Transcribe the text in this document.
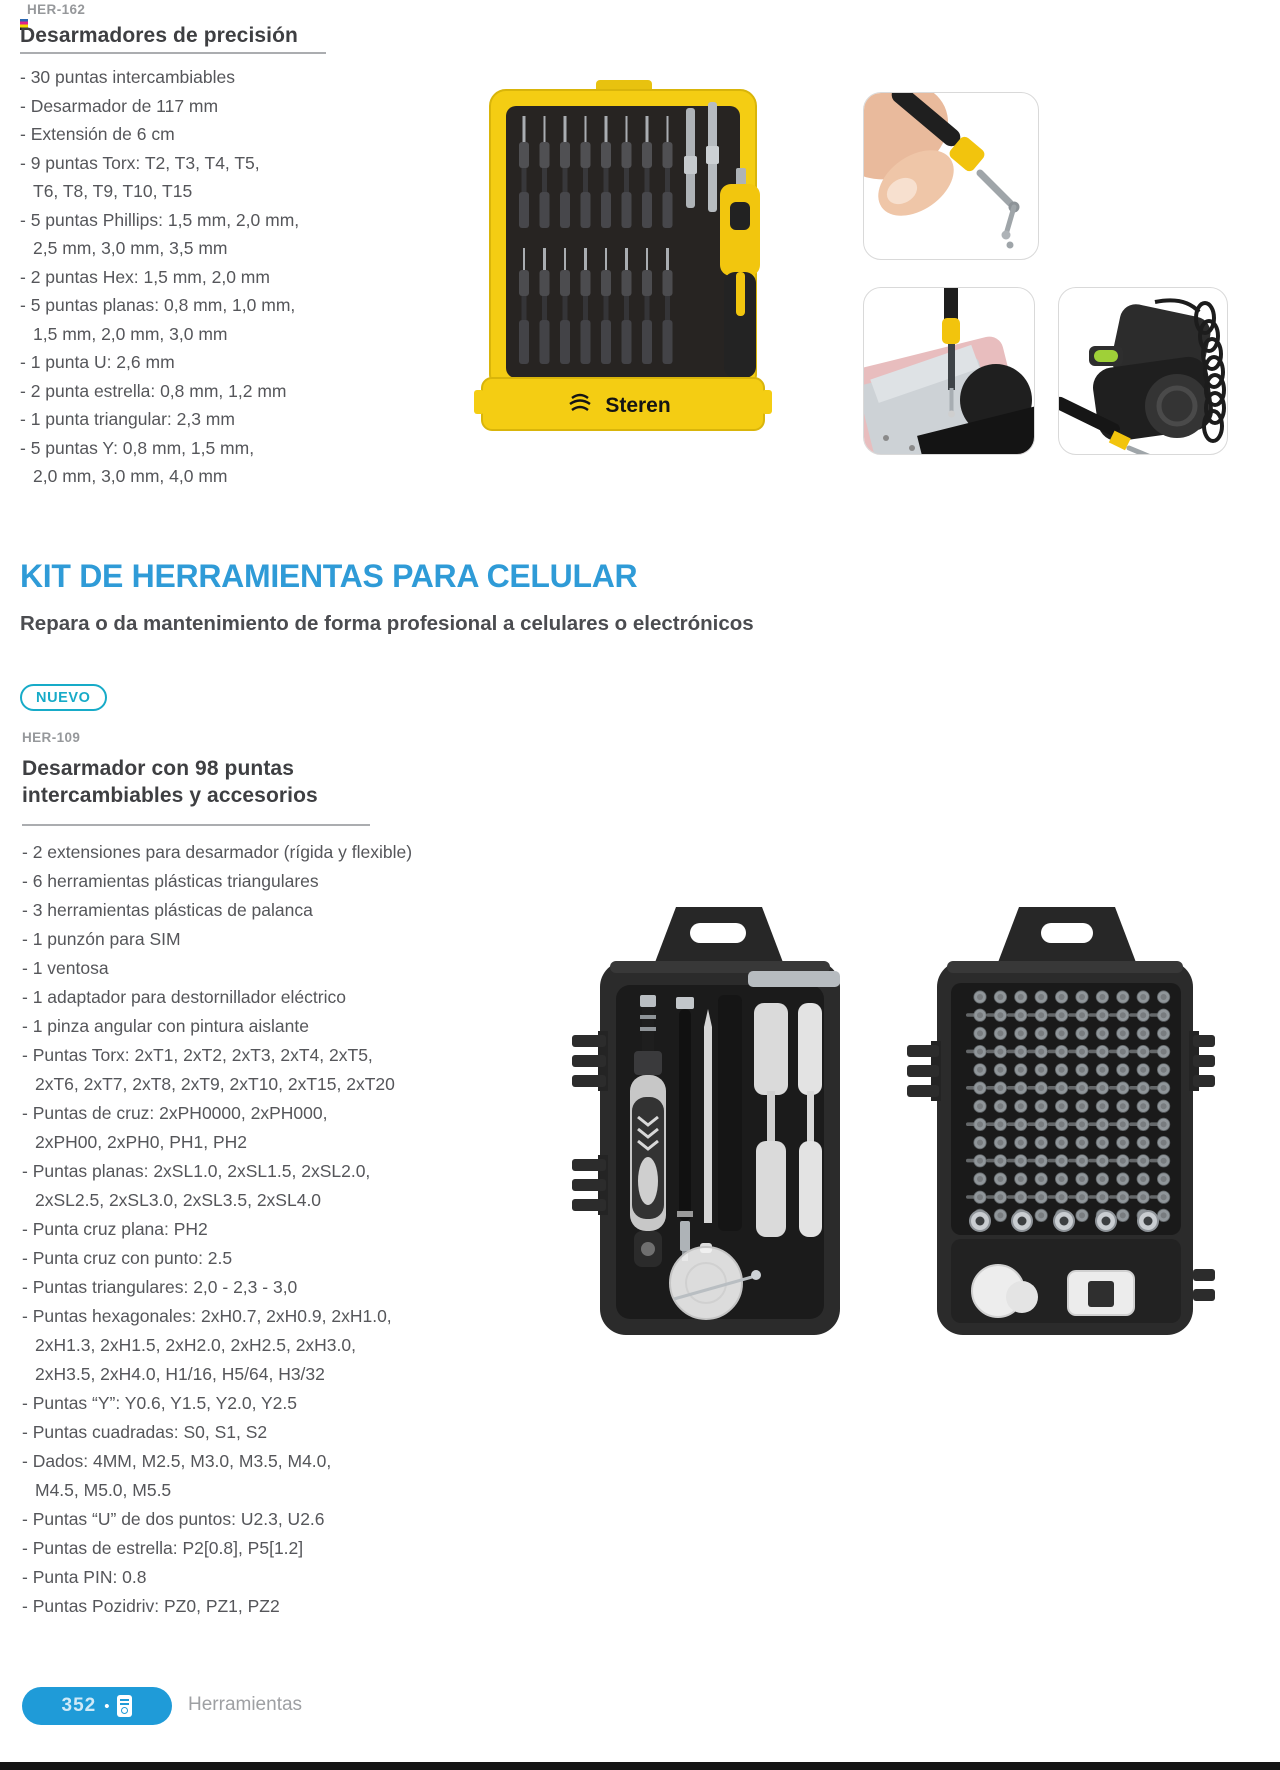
HER-162
Desarmadores de precisión
- 30 puntas intercambiables
- Desarmador de 117 mm
- Extensión de 6 cm
- 9 puntas Torx: T2, T3, T4, T5,
T6, T8, T9, T10, T15
- 5 puntas Phillips: 1,5 mm, 2,0 mm,
2,5 mm, 3,0 mm, 3,5 mm
- 2 puntas Hex: 1,5 mm, 2,0 mm
- 5 puntas planas: 0,8 mm, 1,0 mm,
1,5 mm, 2,0 mm, 3,0 mm
- 1 punta U: 2,6 mm
- 2 punta estrella: 0,8 mm, 1,2 mm
- 1 punta triangular: 2,3 mm
- 5 puntas Y: 0,8 mm, 1,5 mm,
2,0 mm, 3,0 mm, 4,0 mm
Steren
KIT DE HERRAMIENTAS PARA CELULAR
Repara o da mantenimiento de forma profesional a celulares o electrónicos
NUEVO
HER-109
Desarmador con 98 puntas
intercambiables y accesorios
- 2 extensiones para desarmador (rígida y flexible)
- 6 herramientas plásticas triangulares
- 3 herramientas plásticas de palanca
- 1 punzón para SIM
- 1 ventosa
- 1 adaptador para destornillador eléctrico
- 1 pinza angular con pintura aislante
- Puntas Torx: 2xT1, 2xT2, 2xT3, 2xT4, 2xT5,
2xT6, 2xT7, 2xT8, 2xT9, 2xT10, 2xT15, 2xT20
- Puntas de cruz: 2xPH0000, 2xPH000,
2xPH00, 2xPH0, PH1, PH2
- Puntas planas: 2xSL1.0, 2xSL1.5, 2xSL2.0,
2xSL2.5, 2xSL3.0, 2xSL3.5, 2xSL4.0
- Punta cruz plana: PH2
- Punta cruz con punto: 2.5
- Puntas triangulares: 2,0 - 2,3 - 3,0
- Puntas hexagonales: 2xH0.7, 2xH0.9, 2xH1.0,
2xH1.3, 2xH1.5, 2xH2.0, 2xH2.5, 2xH3.0,
2xH3.5, 2xH4.0, H1/16, H5/64, H3/32
- Puntas “Y”: Y0.6, Y1.5, Y2.0, Y2.5
- Puntas cuadradas: S0, S1, S2
- Dados: 4MM, M2.5, M3.0, M3.5, M4.0,
M4.5, M5.0, M5.5
- Puntas “U” de dos puntos: U2.3, U2.6
- Puntas de estrella: P2[0.8], P5[1.2]
- Punta PIN: 0.8
- Puntas Pozidriv: PZ0, PZ1, PZ2
352 •	Herramientas
